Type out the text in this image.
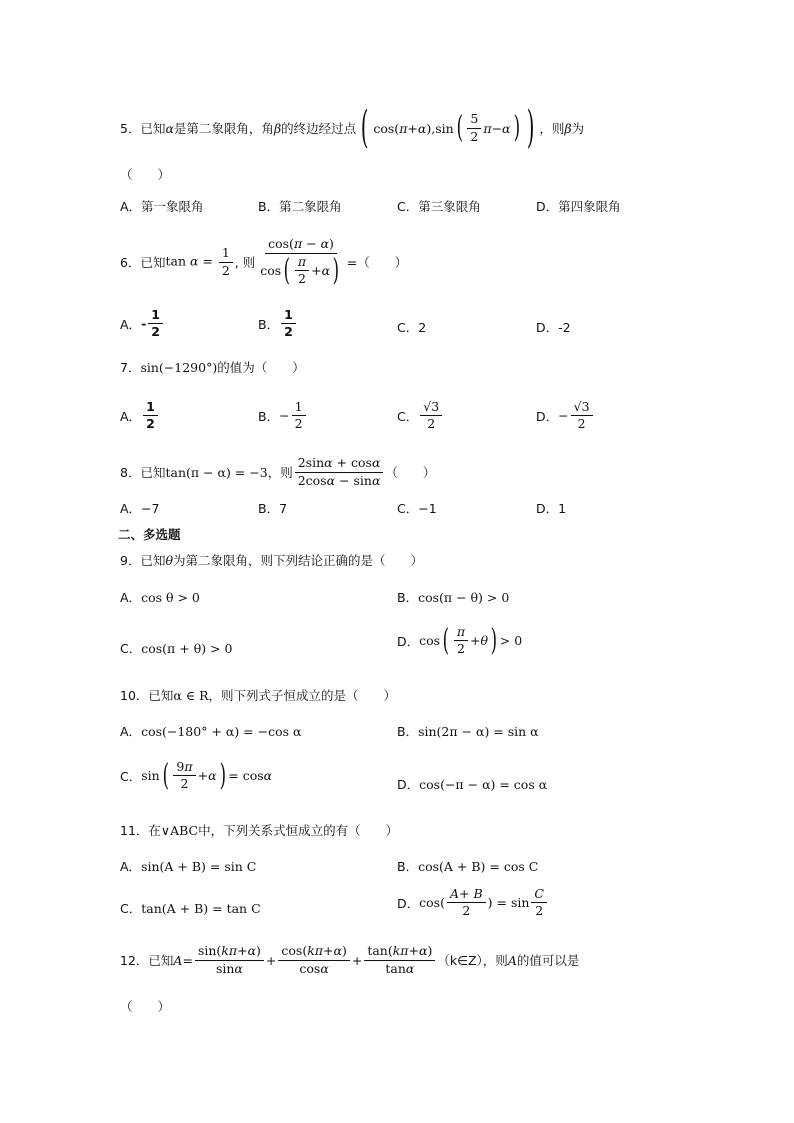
5． 已知 α 是第二象限角，角 β 的终边经过点 ( cos( π + α ),sin ( $\frac{5}{2}$ π − α ) ) ，则 β 为
（　　）
A．第一象限角	B．第二象限角	C．第三象限角	D．第四象限角
6． 已知 $\tan \alpha = \frac{1}{2}$ , 则 $\frac{\cos(\pi - \alpha)}{\cos ( \frac{\pi}{2} + \alpha )}$ =（　　）
A． - $\frac{1}{2}$	B． $\frac{1}{2}$	C．2	D．-2
7． sin(−1290°) 的值为（　　）
A． $\frac{1}{2}$	B． − $\frac{1}{2}$	C． $\frac{√3}{2}$	D． − $\frac{√3}{2}$
8． 已知 tan(π − α) = −3 ，则 $\frac{2\sin\alpha + \cos\alpha}{2\cos\alpha - \sin\alpha}$ （　　）
A．−7	B．7	C．−1	D．1
二、多选题
9． 已知 θ 为第二象限角，则下列结论正确的是（　　）
A． cos θ > 0	B． cos(π − θ) > 0
C． cos(π + θ) > 0	D． cos ( $\frac{\pi}{2} + \theta$ ) > 0
10． 已知 α ∈ R ，则下列式子恒成立的是（　　）
A． cos(−180° + α) = −cos α	B． sin(2π − α) = sin α
C． sin ( $\frac{9\pi}{2} + \alpha$ ) = cos α
D． cos(−π − α) = cos α
11． 在 ∨ABC 中，下列关系式恒成立的有（　　）
A． sin(A + B) = sin C	B． cos(A + B) = cos C
C． tan(A + B) = tan C	D． $\cos( \frac{A+ B}{2}$ ) = $\sin \frac{C}{2}$
12． 已知 $A = \frac{\sin(k\pi+\alpha)}{\sin\alpha} + \frac{\cos(k\pi+\alpha)}{\cos\alpha} + \frac{\tan(k\pi+\alpha)}{\tan\alpha}$ （k∈Z），则 A 的值可以是
（　　）
